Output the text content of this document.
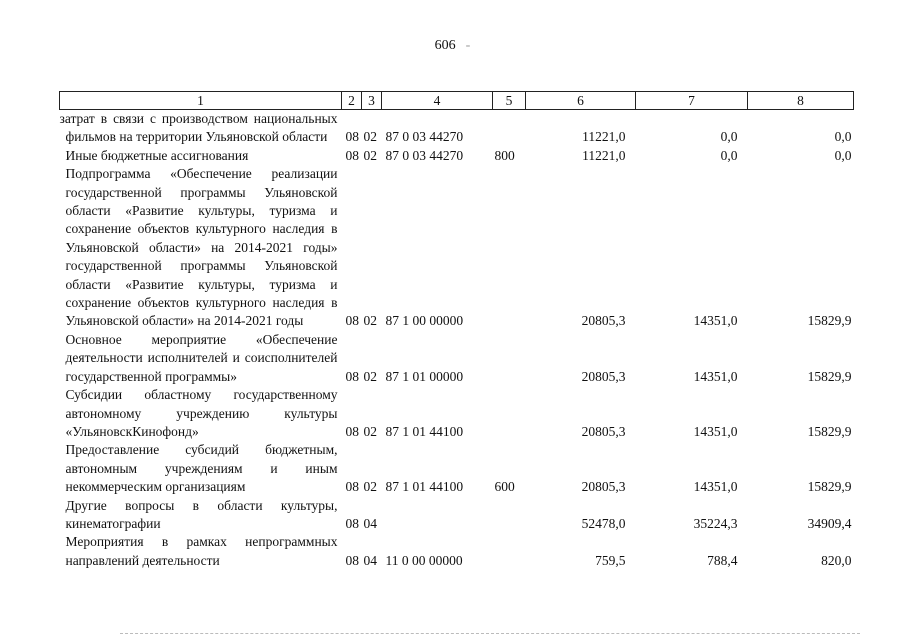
606 -
1	2	3	4	5	6	7	8
затрат в связи с производством национальных фильмов на территории Ульяновской области	08	02	87 0 03 44270		11221,0	0,0	0,0
Иные бюджетные ассигнования	08	02	87 0 03 44270	800	11221,0	0,0	0,0
Подпрограмма «Обеспечение реализации государственной программы Ульяновской области «Развитие культуры, туризма и сохранение объектов культурного наследия в Ульяновской области» на 2014-2021 годы» государственной программы Ульяновской области «Развитие культуры, туризма и сохранение объектов культурного наследия в Ульяновской области» на 2014-2021 годы	08	02	87 1 00 00000		20805,3	14351,0	15829,9
Основное мероприятие «Обеспечение деятельности исполнителей и соисполнителей государственной программы»	08	02	87 1 01 00000		20805,3	14351,0	15829,9
Субсидии областному государственному автономному учреждению культуры «УльяновскКинофонд»	08	02	87 1 01 44100		20805,3	14351,0	15829,9
Предоставление субсидий бюджетным, автономным учреждениям и иным некоммерческим организациям	08	02	87 1 01 44100	600	20805,3	14351,0	15829,9
Другие вопросы в области культуры, кинематографии	08	04			52478,0	35224,3	34909,4
Мероприятия в рамках непрограммных направлений деятельности	08	04	11 0 00 00000		759,5	788,4	820,0
